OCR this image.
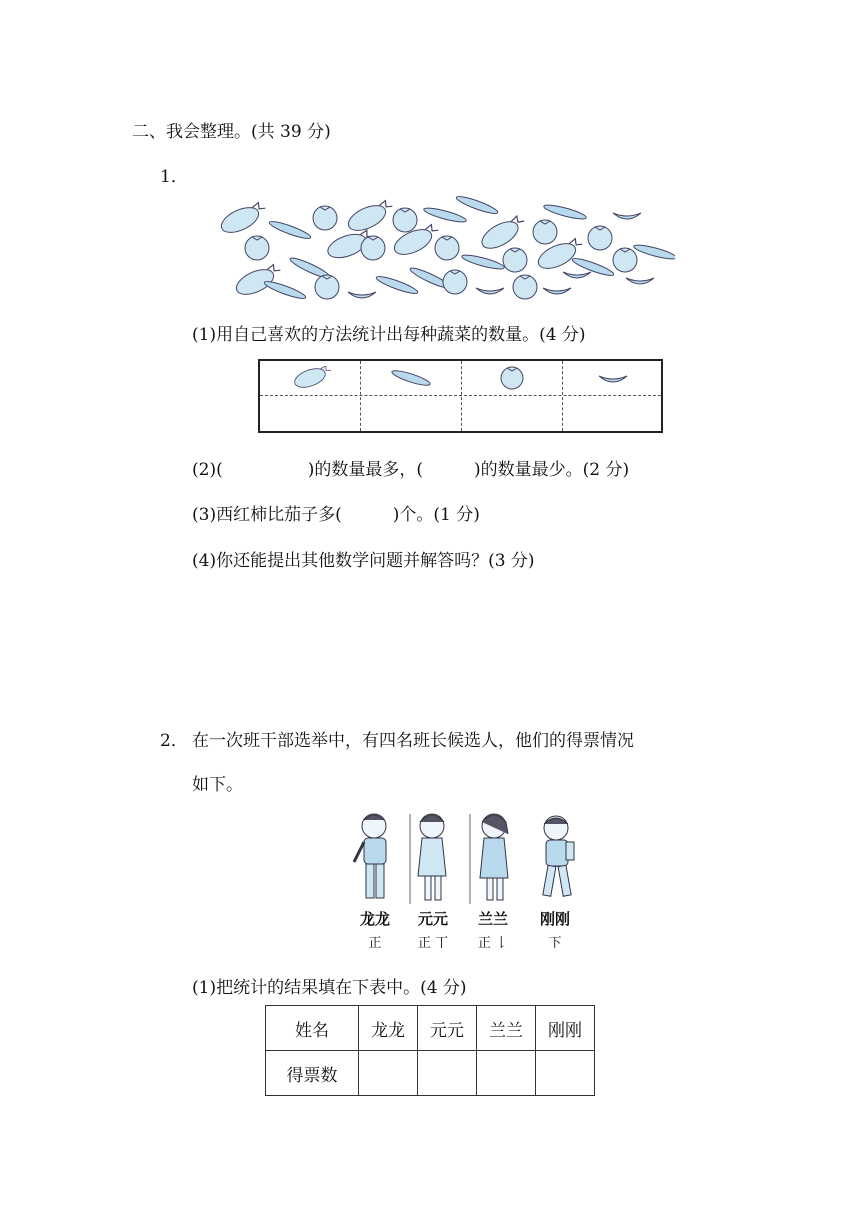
二、我会整理。(共 39 分)
1．
(1)用自己喜欢的方法统计出每种蔬菜的数量。(4 分)
(2)(　　　　　)的数量最多，(　　　)的数量最少。(2 分)
(3)西红柿比茄子多(　　　)个。(1 分)
(4)你还能提出其他数学问题并解答吗？(3 分)
2． 在一次班干部选举中，有四名班长候选人，他们的得票情况
如下。
龙龙	元元	兰兰	刚刚
正	正 丅	正 𠄌	下
(1)把统计的结果填在下表中。(4 分)
姓名	龙龙	元元	兰兰	刚刚
得票数				
